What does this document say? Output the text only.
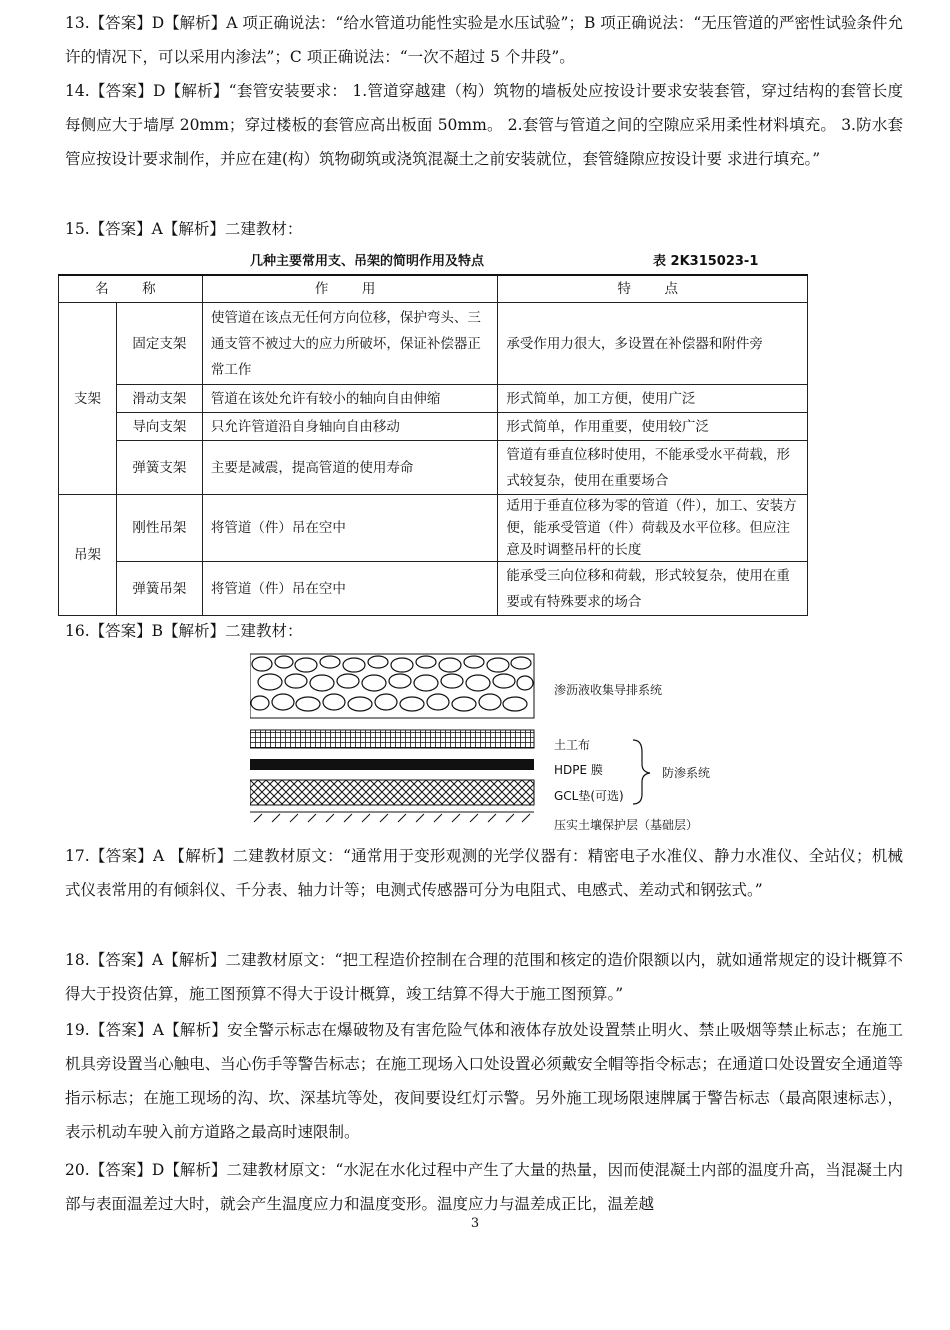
13.【答案】D【解析】A 项正确说法：“给水管道功能性实验是水压试验”；B 项正确说法：“无压管道的严密性试验条件允许的情况下，可以采用内渗法”；C 项正确说法：“一次不超过 5 个井段”。

14.【答案】D【解析】“套管安装要求： 1.管道穿越建（构）筑物的墙板处应按设计要求安装套管，穿过结构的套管长度每侧应大于墙厚 20mm；穿过楼板的套管应高出板面 50mm。 2.套管与管道之间的空隙应采用柔性材料填充。 3.防水套管应按设计要求制作，并应在建(构）筑物砌筑或浇筑混凝土之前安装就位，套管缝隙应按设计要 求进行填充。”

15.【答案】A【解析】二建教材：

几种主要常用支、吊架的简明作用及特点	表 2K315023-1
名　称		作　用	特　点
支架	固定支架	使管道在该点无任何方向位移，保护弯头、三通支管不被过大的应力所破坏，保证补偿器正常工作	承受作用力很大，多设置在补偿器和附件旁
	滑动支架	管道在该处允许有较小的轴向自由伸缩	形式简单，加工方便，使用广泛
	导向支架	只允许管道沿自身轴向自由移动	形式简单，作用重要，使用较广泛
	弹簧支架	主要是减震，提高管道的使用寿命	管道有垂直位移时使用，不能承受水平荷载，形式较复杂，使用在重要场合
吊架	刚性吊架	将管道（件）吊在空中	适用于垂直位移为零的管道（件），加工、安装方便，能承受管道（件）荷载及水平位移。但应注意及时调整吊杆的长度
	弹簧吊架	将管道（件）吊在空中	能承受三向位移和荷载，形式较复杂，使用在重要或有特殊要求的场合

16.【答案】B【解析】二建教材：

渗沥液收集导排系统
土工布
HDPE 膜
GCL垫(可选)
防渗系统
压实土壤保护层（基础层）

17.【答案】A 【解析】二建教材原文：“通常用于变形观测的光学仪器有：精密电子水准仪、静力水准仪、全站仪；机械式仪表常用的有倾斜仪、千分表、轴力计等；电测式传感器可分为电阻式、电感式、差动式和钢弦式。”

18.【答案】A【解析】二建教材原文：“把工程造价控制在合理的范围和核定的造价限额以内，就如通常规定的设计概算不得大于投资估算，施工图预算不得大于设计概算，竣工结算不得大于施工图预算。”

19.【答案】A【解析】安全警示标志在爆破物及有害危险气体和液体存放处设置禁止明火、禁止吸烟等禁止标志；在施工机具旁设置当心触电、当心伤手等警告标志；在施工现场入口处设置必须戴安全帽等指令标志；在通道口处设置安全通道等指示标志；在施工现场的沟、坎、深基坑等处，夜间要设红灯示警。另外施工现场限速牌属于警告标志（最高限速标志），表示机动车驶入前方道路之最高时速限制。

20.【答案】D【解析】二建教材原文：“水泥在水化过程中产生了大量的热量，因而使混凝土内部的温度升高，当混凝土内部与表面温差过大时，就会产生温度应力和温度变形。温度应力与温差成正比，温差越

3
